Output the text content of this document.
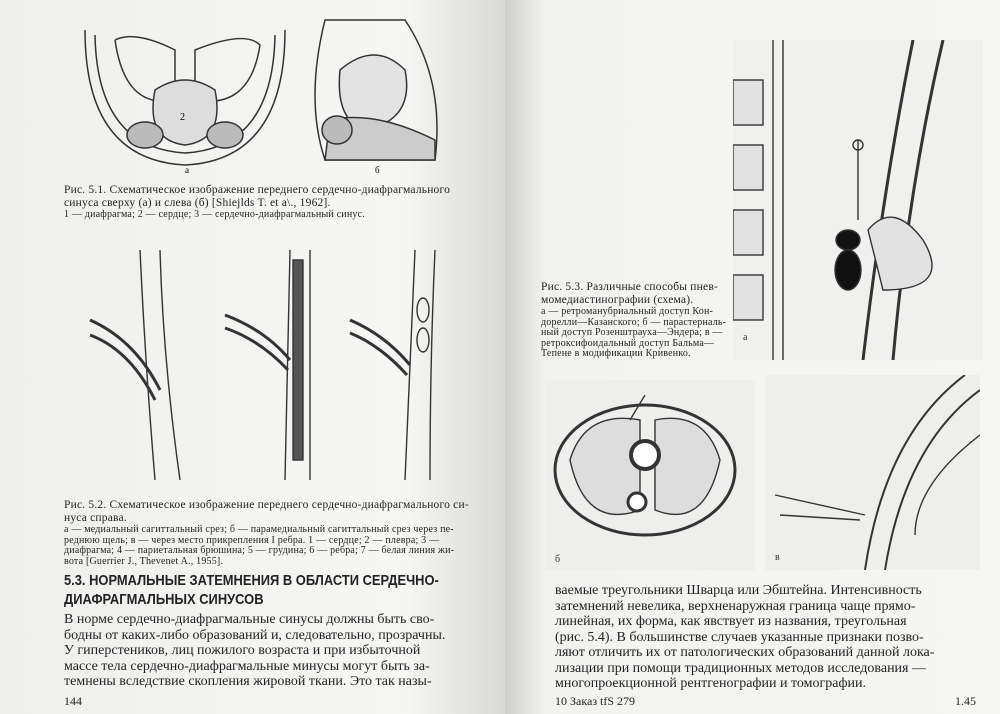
а	б
2
Рис. 5.1. Схематическое изображение переднего сердечно-диафрагмального
синуса сверху (а) и слева (б) [Shiejlds T. et a\., 1962].
1 — диафрагма; 2 — сердце; 3 — сердечно-диафрагмальный синус.
Рис. 5.2. Схематическое изображение переднего сердечно-диафрагмального си-
нуса справа.
а — медиальный сагиттальный срез; б — парамедиальный сагиттальный срез через пе-
реднюю щель; в — через место прикрепления I ребра. 1 — сердце; 2 — плевра; 3 —
диафрагма; 4 — париетальная брюшина; 5 — грудина; 6 — ребра; 7 — белая линия жи-
вота [Guerrier J., Thevenet A., 1955].
5.3. НОРМАЛЬНЫЕ ЗАТЕМНЕНИЯ В ОБЛАСТИ СЕРДЕЧНО-
ДИАФРАГМАЛЬНЫХ СИНУСОВ
В норме сердечно-диафрагмальные синусы должны быть сво-
бодны от каких-либо образований и, следовательно, прозрачны.
У гиперстеников, лиц пожилого возраста и при избыточной
массе тела сердечно-диафрагмальные минусы могут быть за-
темнены вследствие скопления жировой ткани. Это так назы-
144
а
Рис. 5.3. Различные способы пнев-
момедиастинографии (схема).
а — ретроманубриальный доступ Кон-
дорелли—Казанского; б — парастерналь-
ный доступ Розенштрауха—Эндера; в —
ретроксифоидальный доступ Бальма—
Тепене в модификации Кривенко.
б	в
ваемые треугольники Шварца или Эбштейна. Интенсивность
затемнений невелика, верхненаружная граница чаще прямо-
линейная, их форма, как явствует из названия, треугольная
(рис. 5.4). В большинстве случаев указанные признаки позво-
ляют отличить их от патологических образований данной лока-
лизации при помощи традиционных методов исследования —
многопроекционной рентгенографии и томографии.
10 Заказ tfS 279	1.45
